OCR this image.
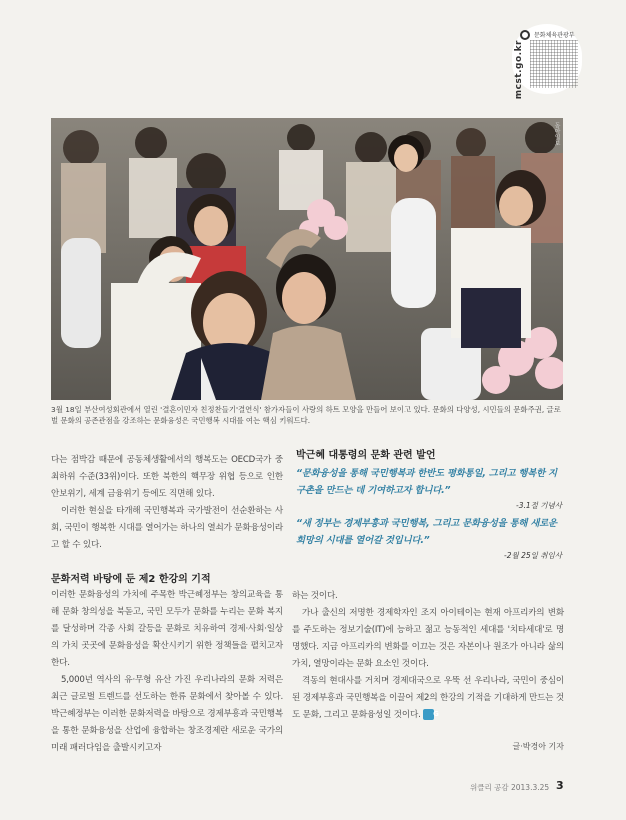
문화체육관광부
mcst.go.kr
동아일보
3월 18일 부산여성회관에서 열린 '결혼이민자 친정찬들기'결연식' 참가자들이 사랑의 하트 모양을 만들어 보이고 있다. 문화의 다양성, 시민들의 문화주권, 글로벌 문화의 공존관점을 강조하는 문화융성은 국민행복 시대를 여는 핵심 키워드다.

다는 점박감 때문에 공동체생활에서의 행복도는 OECD국가 중 최하위 수준(33위)이다. 또한 북한의 핵무장 위협 등으로 인한 안보위기, 세계 금융위기 등에도 직면해 있다.

이러한 현실을 타개해 국민행복과 국가발전이 선순환하는 사회, 국민이 행복한 시대를 열어가는 하나의 열쇠가 문화융성이라고 할 수 있다.

문화저력 바탕에 둔 제2 한강의 기적

이러한 문화융성의 가치에 주목한 박근혜정부는 창의교육을 통해 문화 창의성을 북돋고, 국민 모두가 문화를 누리는 문화 복지를 달성하며 각종 사회 갈등을 문화로 치유하여 경제·사회·일상의 가치 곳곳에 문화융성을 확산시키기 위한 정책들을 펼치고자 한다.

5,000년 역사의 유·무형 유산 가진 우리나라의 문화 저력은 최근 글로벌 트렌드를 선도하는 한류 문화에서 찾아볼 수 있다. 박근혜정부는 이러한 문화저력을 바탕으로 경제부흥과 국민행복을 통한 문화융성을 산업에 융합하는 창조경제란 새로운 국가의 미래 패러다임을 출발시키고자

박근혜 대통령의 문화 관련 발언

“문화융성을 통해 국민행복과 한반도 평화통일, 그리고 행복한 지구촌을 만드는 데 기여하고자 합니다.”

-3.1절 기념사

“새 정부는 경제부흥과 국민행복, 그리고 문화융성을 통해 새로운 희망의 시대를 열어갈 것입니다.”

-2월 25일 취임사

하는 것이다.

가나 출신의 저명한 경제학자인 조지 아이테이는 현재 아프리카의 변화를 주도하는 정보기술(IT)에 능하고 젊고 능동적인 세대를 '치타세대'로 명명했다. 지금 아프리카의 변화를 이끄는 것은 자본이나 원조가 아니라 삶의 가치, 열망이라는 문화 요소인 것이다.

격동의 현대사를 거치며 경제대국으로 우뚝 선 우리나라, 국민이 중심이 된 경제부흥과 국민행복을 이끌어 제2의 한강의 기적을 기대하게 만드는 것도 문화, 그리고 문화융성일 것이다. G

글·박경아 기자
위클리 공감 2013.3.25 3
